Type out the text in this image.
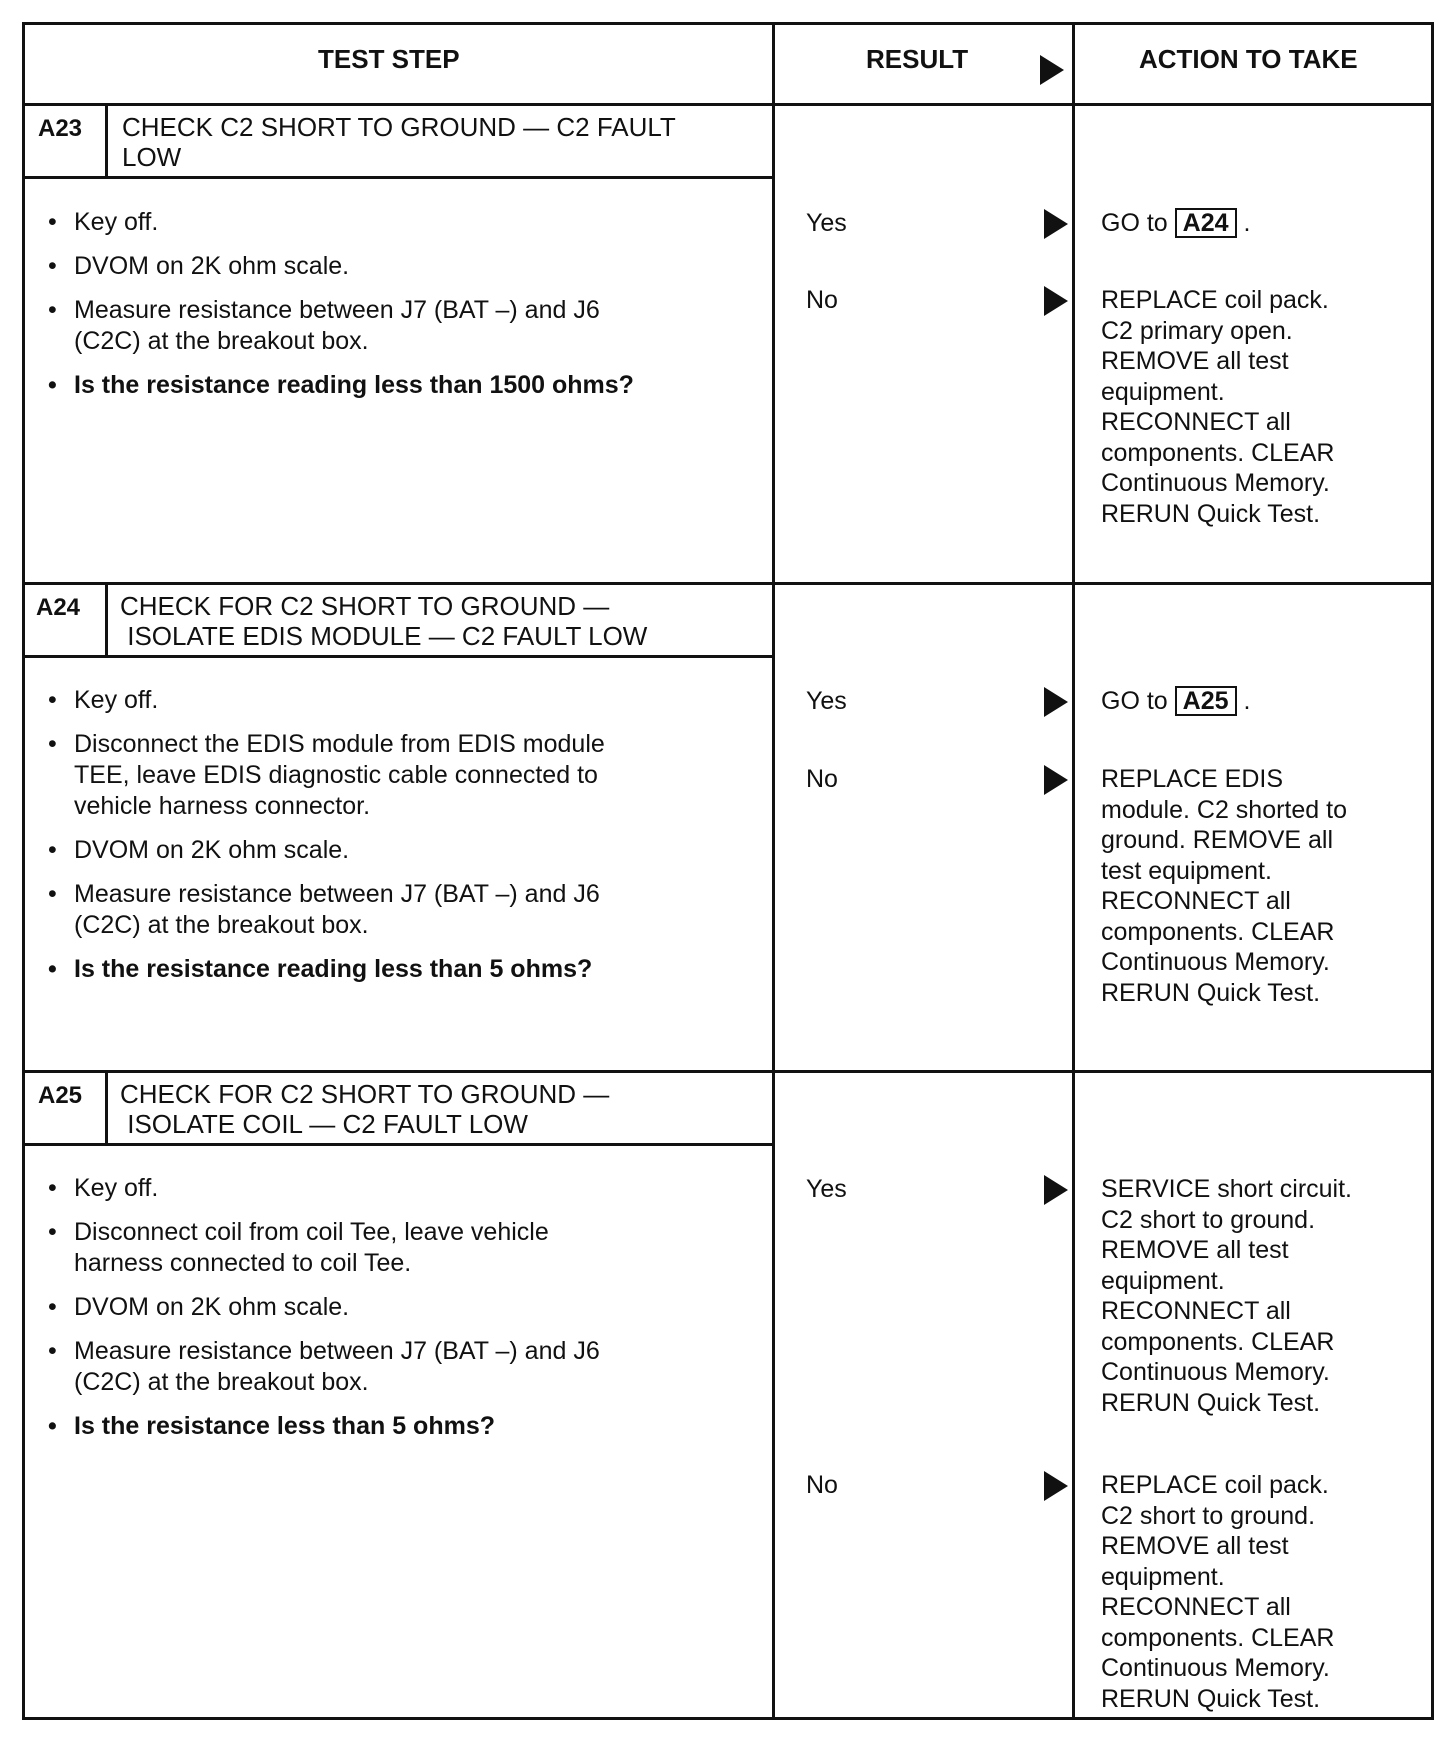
TEST STEP	RESULT	ACTION TO TAKE
A23 CHECK C2 SHORT TO GROUND — C2 FAULT
LOW
• Key off.
• DVOM on 2K ohm scale.
• Measure resistance between J7 (BAT –) and J6
(C2C) at the breakout box.
• Is the resistance reading less than 1500 ohms?
Yes	GO to A24 .
No	REPLACE coil pack.
C2 primary open.
REMOVE all test
equipment.
RECONNECT all
components. CLEAR
Continuous Memory.
RERUN Quick Test.
A24 CHECK FOR C2 SHORT TO GROUND —
ISOLATE EDIS MODULE — C2 FAULT LOW
• Key off.
• Disconnect the EDIS module from EDIS module
TEE, leave EDIS diagnostic cable connected to
vehicle harness connector.
• DVOM on 2K ohm scale.
• Measure resistance between J7 (BAT –) and J6
(C2C) at the breakout box.
• Is the resistance reading less than 5 ohms?
Yes	GO to A25 .
No	REPLACE EDIS
module. C2 shorted to
ground. REMOVE all
test equipment.
RECONNECT all
components. CLEAR
Continuous Memory.
RERUN Quick Test.
A25 CHECK FOR C2 SHORT TO GROUND —
ISOLATE COIL — C2 FAULT LOW
• Key off.
• Disconnect coil from coil Tee, leave vehicle
harness connected to coil Tee.
• DVOM on 2K ohm scale.
• Measure resistance between J7 (BAT –) and J6
(C2C) at the breakout box.
• Is the resistance less than 5 ohms?
Yes	SERVICE short circuit.
C2 short to ground.
REMOVE all test
equipment.
RECONNECT all
components. CLEAR
Continuous Memory.
RERUN Quick Test.
No	REPLACE coil pack.
C2 short to ground.
REMOVE all test
equipment.
RECONNECT all
components. CLEAR
Continuous Memory.
RERUN Quick Test.
